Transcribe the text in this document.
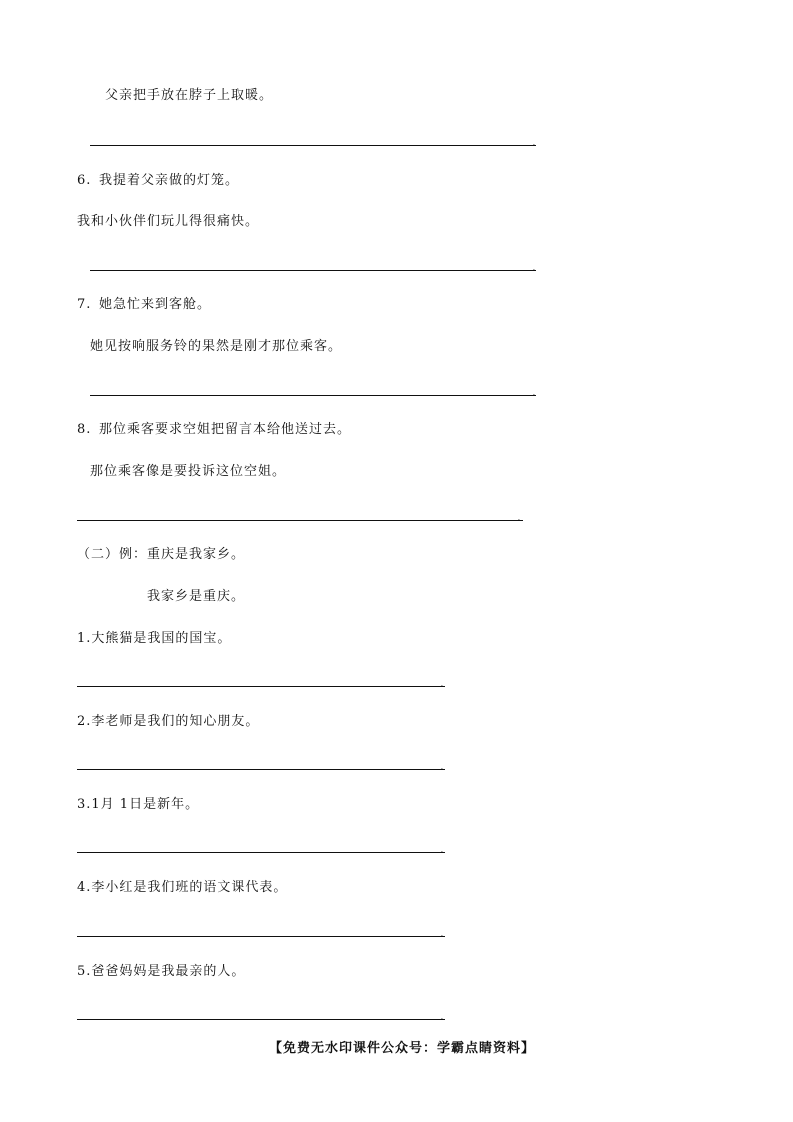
父亲把手放在脖子上取暖。
.
6. 我提着父亲做的灯笼。
我和小伙伴们玩儿得很痛快。
.
7. 她急忙来到客舱。
她见按响服务铃的果然是刚才那位乘客。
.
8. 那位乘客要求空姐把留言本给他送过去。
那位乘客像是要投诉这位空姐。
.
（二）例：重庆是我家乡。
我家乡是重庆。
1.大熊猫是我国的国宝。
.
2.李老师是我们的知心朋友。
.
3.1月 1日是新年。
.
4.李小红是我们班的语文课代表。
.
5.爸爸妈妈是我最亲的人。
.
【免费无水印课件公众号：学霸点睛资料】
